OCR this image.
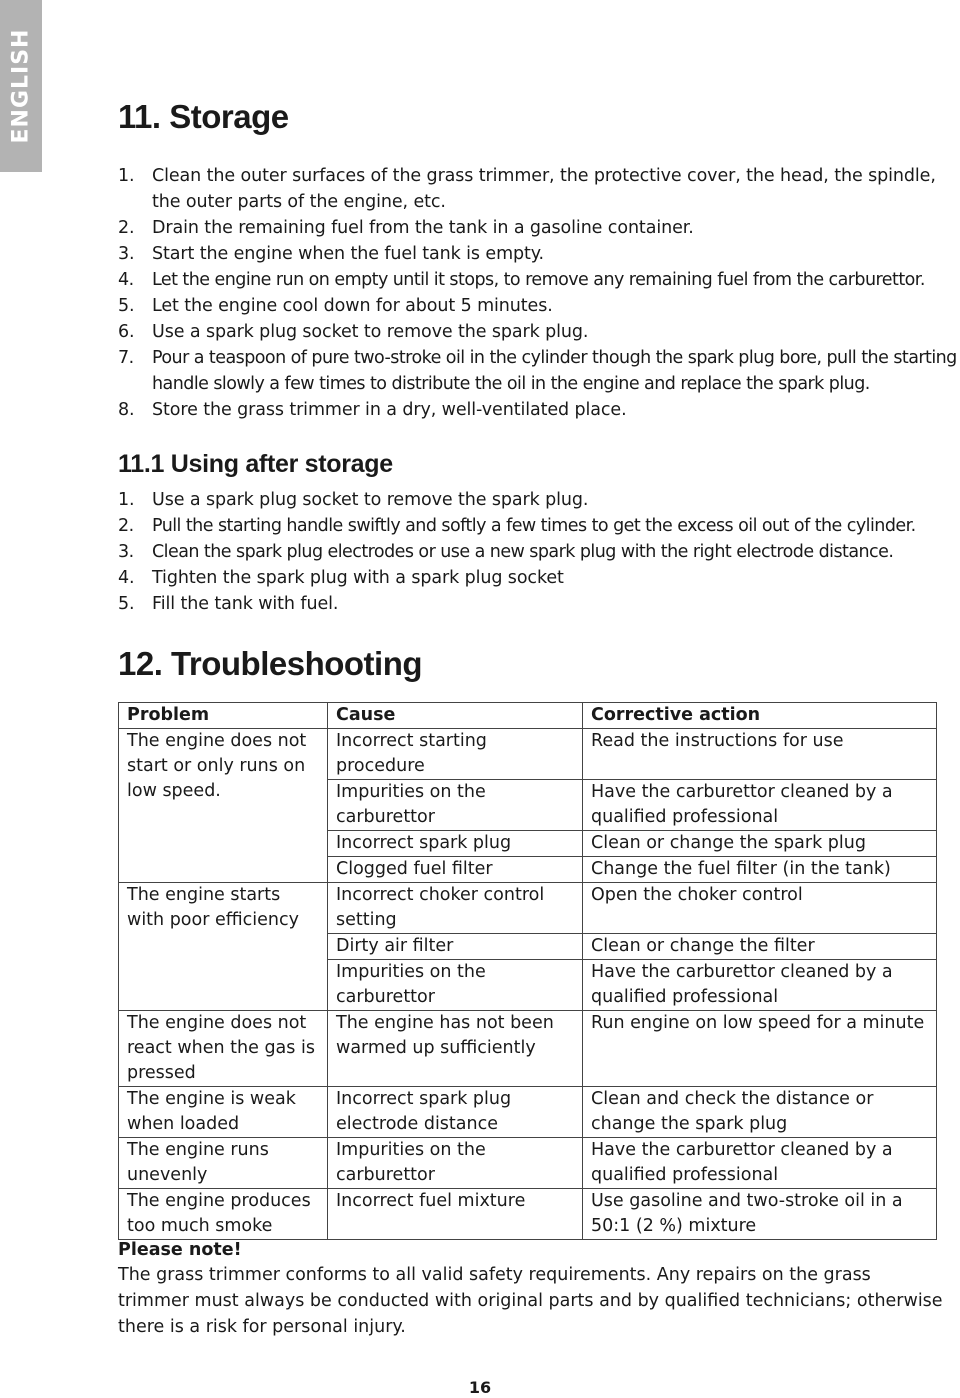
ENGLISH	11. Storage
1. Clean the outer surfaces of the grass trimmer, the protective cover, the head, the spindle, the outer parts of the engine, etc.
2. Drain the remaining fuel from the tank in a gasoline container.
3. Start the engine when the fuel tank is empty.
4. Let the engine run on empty until it stops, to remove any remaining fuel from the carburettor.
5. Let the engine cool down for about 5 minutes.
6. Use a spark plug socket to remove the spark plug.
7. Pour a teaspoon of pure two-stroke oil in the cylinder though the spark plug bore, pull the starting handle slowly a few times to distribute the oil in the engine and replace the spark plug.
8. Store the grass trimmer in a dry, well-ventilated place.
11.1 Using after storage
1. Use a spark plug socket to remove the spark plug.
2. Pull the starting handle swiftly and softly a few times to get the excess oil out of the cylinder.
3. Clean the spark plug electrodes or use a new spark plug with the right electrode distance.
4. Tighten the spark plug with a spark plug socket
5. Fill the tank with fuel.
12. Troubleshooting
Problem	Cause	Corrective action
The engine does not start or only runs on low speed.	Incorrect starting procedure	Read the instructions for use
	Impurities on the carburettor	Have the carburettor cleaned by a qualified professional
	Incorrect spark plug	Clean or change the spark plug
	Clogged fuel filter	Change the fuel filter (in the tank)
The engine starts with poor efficiency	Incorrect choker control setting	Open the choker control
	Dirty air filter	Clean or change the filter
	Impurities on the carburettor	Have the carburettor cleaned by a qualified professional
The engine does not react when the gas is pressed	The engine has not been warmed up sufficiently	Run engine on low speed for a minute
The engine is weak when loaded	Incorrect spark plug electrode distance	Clean and check the distance or change the spark plug
The engine runs unevenly	Impurities on the carburettor	Have the carburettor cleaned by a qualified professional
The engine produces too much smoke	Incorrect fuel mixture	Use gasoline and two-stroke oil in a 50:1 (2 %) mixture
Please note!
The grass trimmer conforms to all valid safety requirements. Any repairs on the grass trimmer must always be conducted with original parts and by qualified technicians; otherwise there is a risk for personal injury.
16
